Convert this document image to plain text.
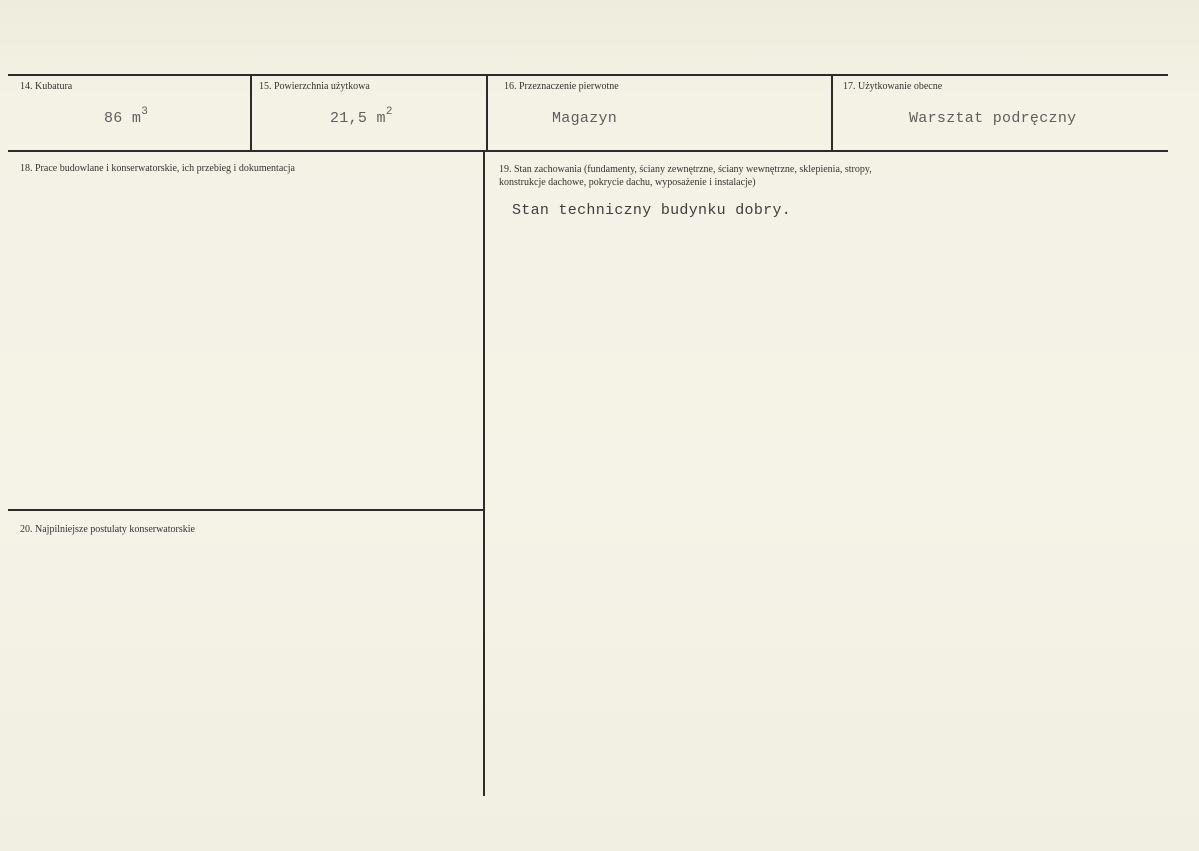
14. Kubatura
86 $m^3$
15. Powierzchnia użytkowa
21,5 $m^2$
16. Przeznaczenie pierwotne
Magazyn
17. Użytkowanie obecne
Warsztat podręczny
18. Prace budowlane i konserwatorskie, ich przebieg i dokumentacja	19. Stan zachowania (fundamenty, ściany zewnętrzne, ściany wewnętrzne, sklepienia, stropy,
konstrukcje dachowe, pokrycie dachu, wyposażenie i instalacje)
Stan techniczny budynku dobry.
20. Najpilniejsze postulaty konserwatorskie
